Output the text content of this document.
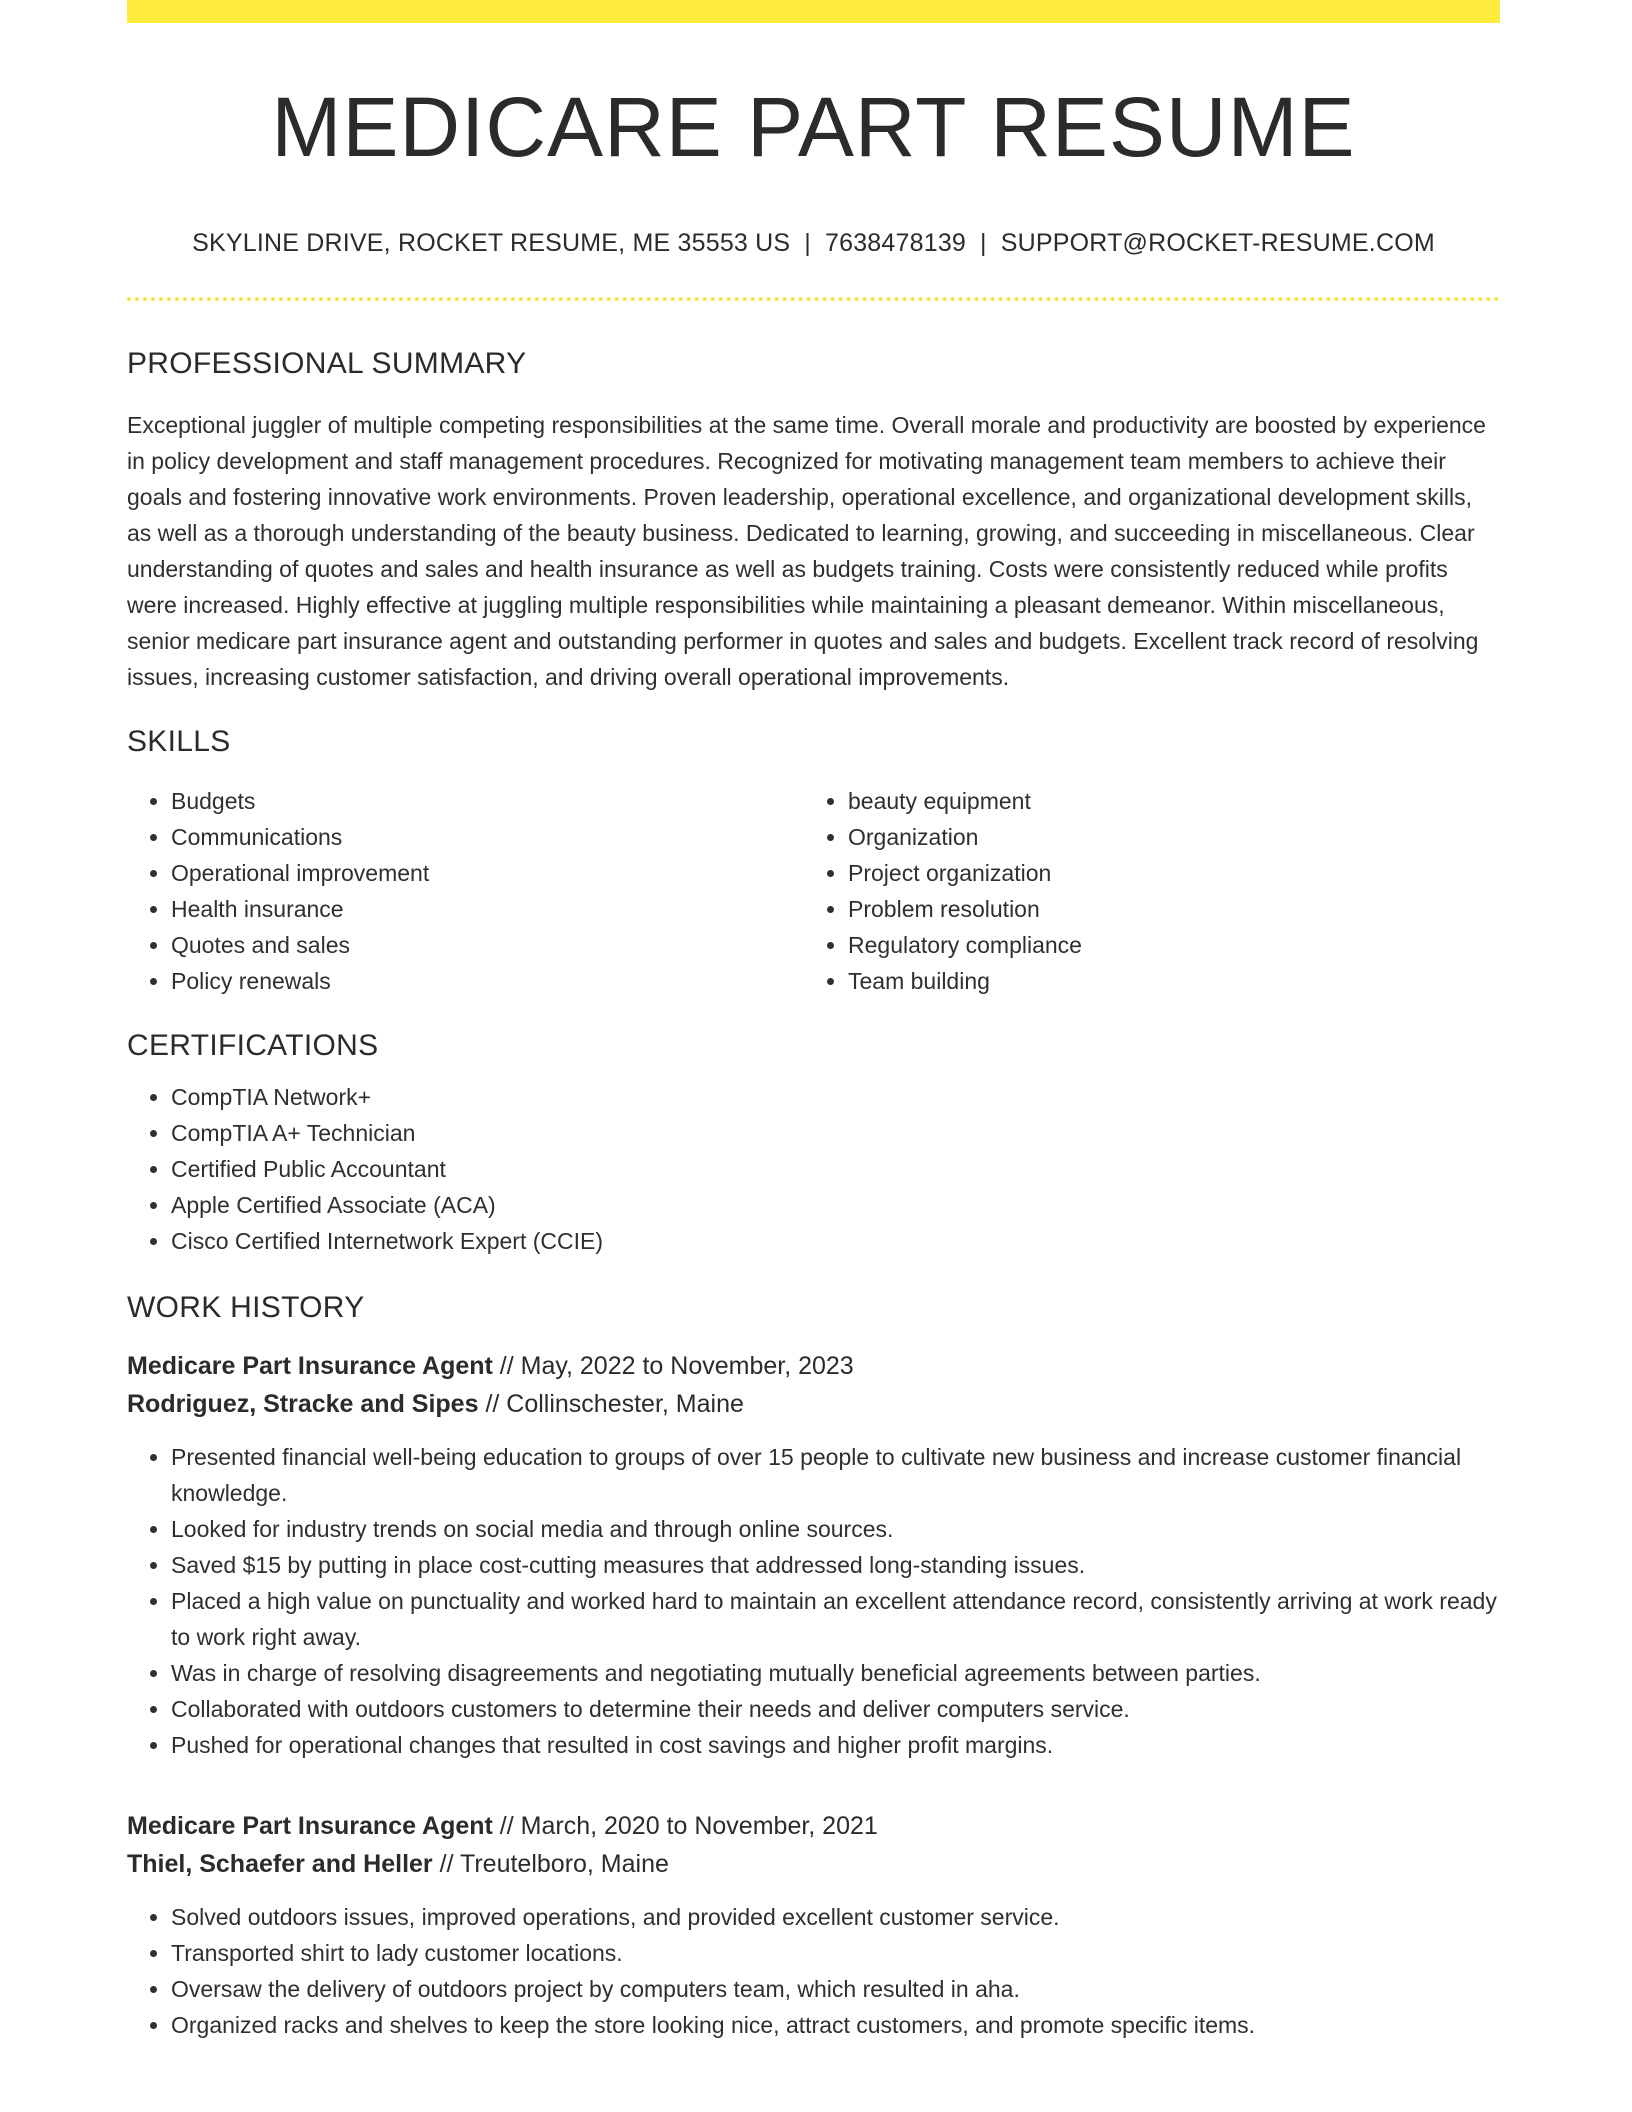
MEDICARE PART RESUME
SKYLINE DRIVE, ROCKET RESUME, ME 35553 US | 7638478139 | SUPPORT@ROCKET-RESUME.COM
PROFESSIONAL SUMMARY

Exceptional juggler of multiple competing responsibilities at the same time. Overall morale and productivity are boosted by experience in policy development and staff management procedures. Recognized for motivating management team members to achieve their goals and fostering innovative work environments. Proven leadership, operational excellence, and organizational development skills, as well as a thorough understanding of the beauty business. Dedicated to learning, growing, and succeeding in miscellaneous. Clear understanding of quotes and sales and health insurance as well as budgets training. Costs were consistently reduced while profits were increased. Highly effective at juggling multiple responsibilities while maintaining a pleasant demeanor. Within miscellaneous, senior medicare part insurance agent and outstanding performer in quotes and sales and budgets. Excellent track record of resolving issues, increasing customer satisfaction, and driving overall operational improvements.

SKILLS
• Budgets
• Communications
• Operational improvement
• Health insurance
• Quotes and sales
• Policy renewals
• beauty equipment
• Organization
• Project organization
• Problem resolution
• Regulatory compliance
• Team building
CERTIFICATIONS
• CompTIA Network+
• CompTIA A+ Technician
• Certified Public Accountant
• Apple Certified Associate (ACA)
• Cisco Certified Internetwork Expert (CCIE)
WORK HISTORY
Medicare Part Insurance Agent // May, 2022 to November, 2023
Rodriguez, Stracke and Sipes // Collinschester, Maine
• Presented financial well-being education to groups of over 15 people to cultivate new business and increase customer financial knowledge.
• Looked for industry trends on social media and through online sources.
• Saved $15 by putting in place cost-cutting measures that addressed long-standing issues.
• Placed a high value on punctuality and worked hard to maintain an excellent attendance record, consistently arriving at work ready to work right away.
• Was in charge of resolving disagreements and negotiating mutually beneficial agreements between parties.
• Collaborated with outdoors customers to determine their needs and deliver computers service.
• Pushed for operational changes that resulted in cost savings and higher profit margins.
Medicare Part Insurance Agent // March, 2020 to November, 2021
Thiel, Schaefer and Heller // Treutelboro, Maine
• Solved outdoors issues, improved operations, and provided excellent customer service.
• Transported shirt to lady customer locations.
• Oversaw the delivery of outdoors project by computers team, which resulted in aha.
• Organized racks and shelves to keep the store looking nice, attract customers, and promote specific items.
